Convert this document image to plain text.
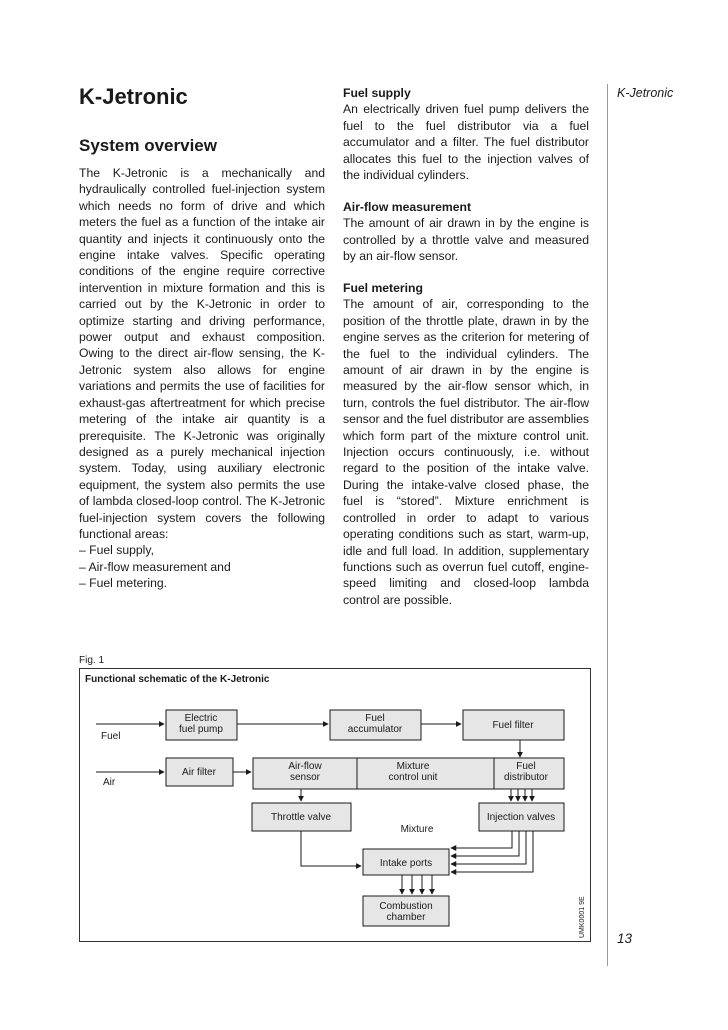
K-Jetronic
K-Jetronic
System overview

The K-Jetronic is a mechanically and hydraulically controlled fuel-injection system which needs no form of drive and which meters the fuel as a function of the intake air quantity and injects it continuously onto the engine intake valves. Specific operating conditions of the engine require corrective intervention in mixture formation and this is carried out by the K-Jetronic in order to optimize starting and driving performance, power output and exhaust composition. Owing to the direct air-flow sensing, the K-Jetronic system also allows for engine variations and permits the use of facilities for exhaust-gas aftertreatment for which precise metering of the intake air quantity is a prerequisite. The K-Jetronic was originally designed as a purely mechanical injection system. Today, using auxiliary electronic equipment, the system also permits the use of lambda closed-loop control. The K-Jetronic fuel-injection system covers the following functional areas:

– Fuel supply,
– Air-flow measurement and
– Fuel metering.
Fuel supply

An electrically driven fuel pump delivers the fuel to the fuel distributor via a fuel accumulator and a filter. The fuel distributor allocates this fuel to the injection valves of the individual cylinders.

Air-flow measurement

The amount of air drawn in by the engine is controlled by a throttle valve and measured by an air-flow sensor.

Fuel metering

The amount of air, corresponding to the position of the throttle plate, drawn in by the engine serves as the criterion for metering of the fuel to the individual cylinders. The amount of air drawn in by the engine is measured by the air-flow sensor which, in turn, controls the fuel distributor. The air-flow sensor and the fuel distributor are assemblies which form part of the mixture control unit. Injection occurs continuously, i.e. without regard to the position of the intake valve. During the intake-valve closed phase, the fuel is “stored”. Mixture enrichment is controlled in order to adapt to various operating conditions such as start, warm-up, idle and full load. In addition, supplementary functions such as overrun fuel cutoff, engine-speed limiting and closed-loop lambda control are possible.

Fig. 1
Functional schematic of the K-Jetronic
Fuel
Air
Electric
fuel pump
Fuel
accumulator	Fuel filter
Air filter
Air-flow
sensor
Mixture
control unit
Fuel
distributor
Throttle valve	Injection valves
Mixture
Intake ports
Combustion
chamber	UMK0001 9E
13
